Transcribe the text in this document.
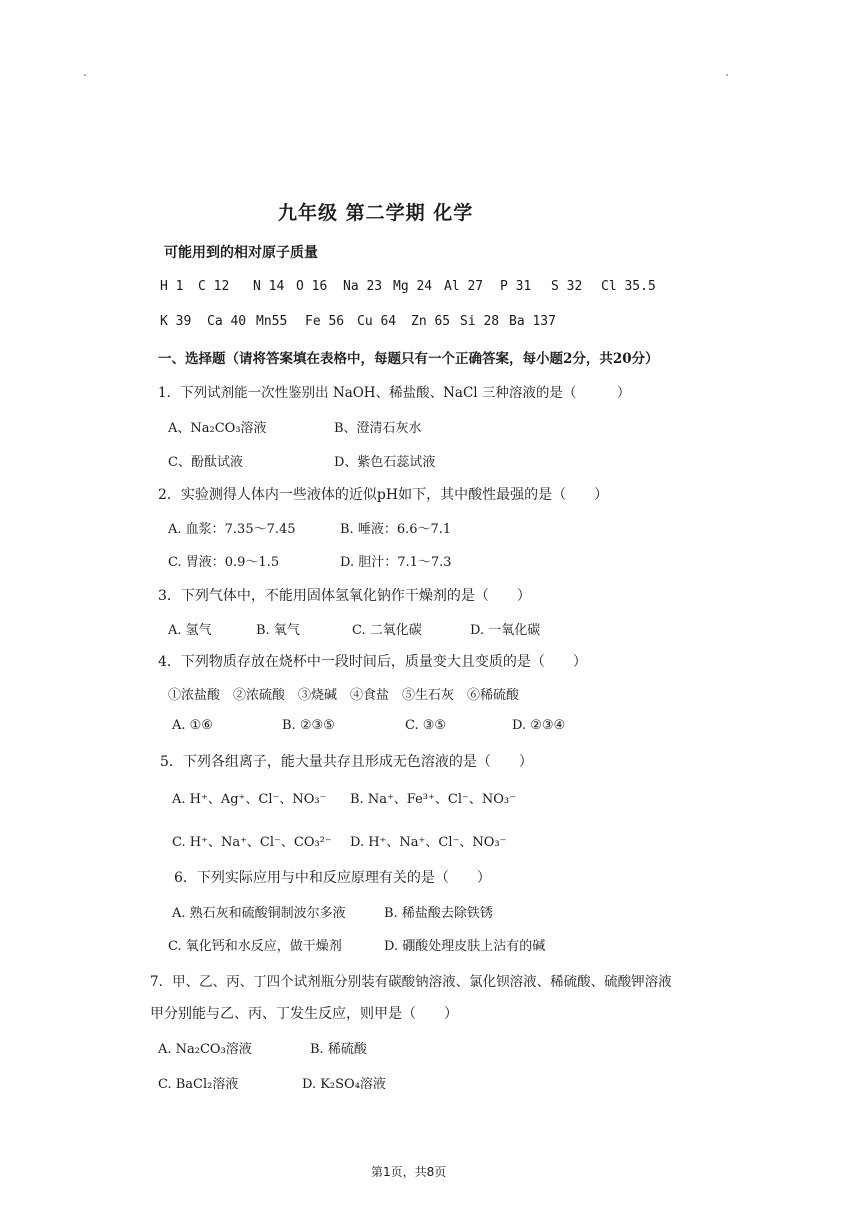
九年级 第二学期 化学
可能用到的相对原子质量
H 1 C 12 N 14 O 16 Na 23 Mg 24 Al 27 P 31 S 32 Cl 35.5
K 39 Ca 40 Mn55 Fe 56 Cu 64 Zn 65 Si 28 Ba 137
一、选择题（请将答案填在表格中，每题只有一个正确答案，每小题2分，共20分）
1．下列试剂能一次性鉴别出 NaOH、稀盐酸、NaCl 三种溶液的是（　　　）
A、Na₂CO₃溶液	B、澄清石灰水
C、酚酞试液	D、紫色石蕊试液
2．实验测得人体内一些液体的近似pH如下，其中酸性最强的是（　　）
A. 血浆：7.35～7.45	B. 唾液：6.6～7.1
C. 胃液：0.9～1.5	D. 胆汁：7.1～7.3
3．下列气体中，不能用固体氢氧化钠作干燥剂的是（　　）
A. 氢气	B. 氧气	C. 二氧化碳	D. 一氧化碳
4．下列物质存放在烧杯中一段时间后，质量变大且变质的是（　　）
①浓盐酸　②浓硫酸　③烧碱　④食盐　⑤生石灰　⑥稀硫酸
A. ①⑥	B. ②③⑤	C. ③⑤	D. ②③④
5．下列各组离子，能大量共存且形成无色溶液的是（　　）
A. H⁺、Ag⁺、Cl⁻、NO₃⁻ B. Na⁺、Fe³⁺、Cl⁻、NO₃⁻
C. H⁺、Na⁺、Cl⁻、CO₃²⁻ D. H⁺、Na⁺、Cl⁻、NO₃⁻
6．下列实际应用与中和反应原理有关的是（　　）
A. 熟石灰和硫酸铜制波尔多液	B. 稀盐酸去除铁锈
C. 氧化钙和水反应，做干燥剂	D. 硼酸处理皮肤上沾有的碱
7．甲、乙、丙、丁四个试剂瓶分别装有碳酸钠溶液、氯化钡溶液、稀硫酸、硫酸钾溶液
甲分别能与乙、丙、丁发生反应，则甲是（　　）
A. Na₂CO₃溶液	B. 稀硫酸
C. BaCl₂溶液	D. K₂SO₄溶液
第1页，共8页
